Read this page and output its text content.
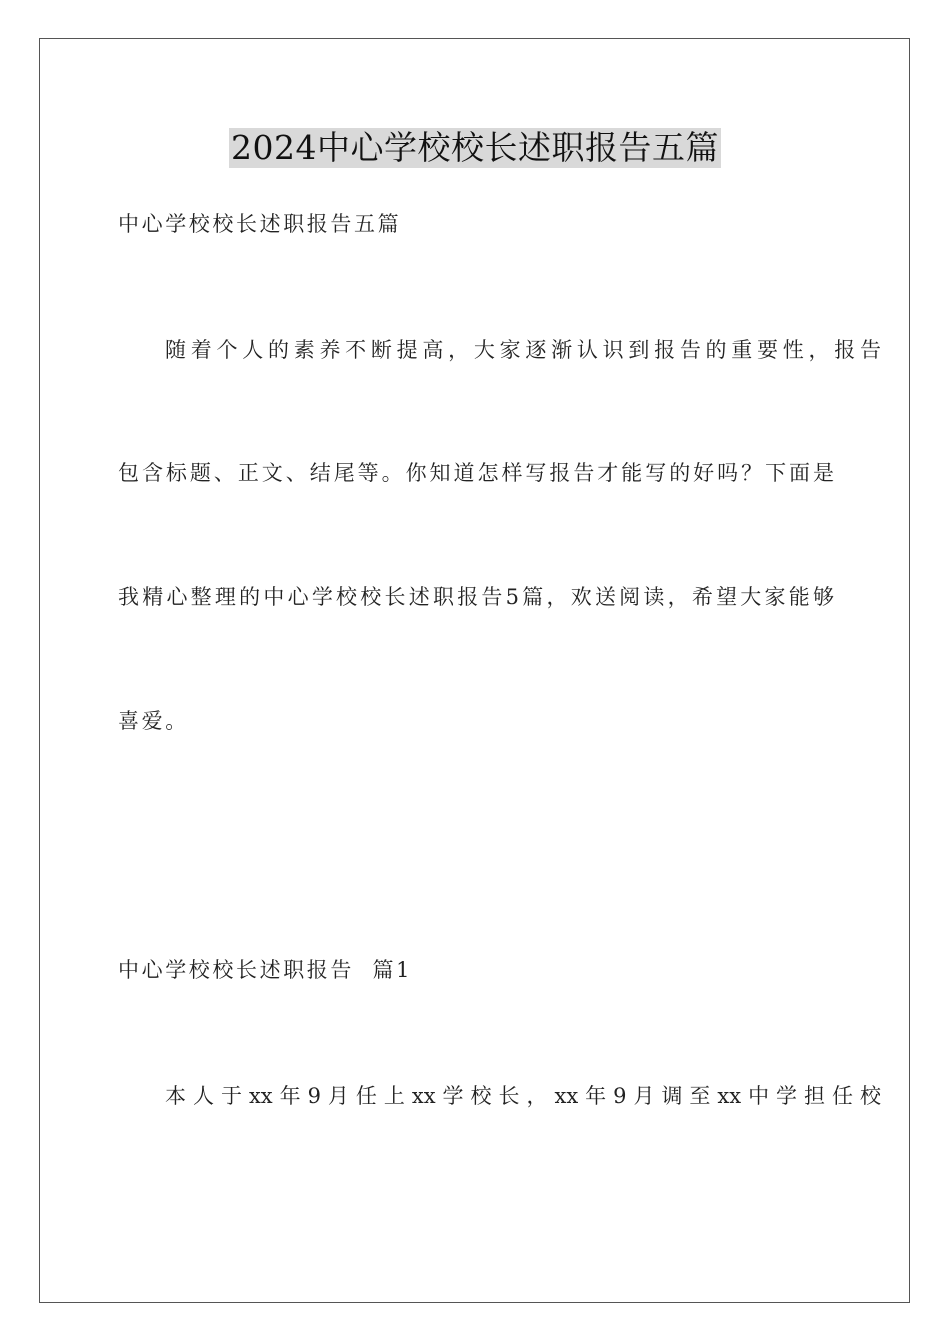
2024中心学校校长述职报告五篇
中心学校校长述职报告五篇
随着个人的素养不断提高，大家逐渐认识到报告的重要性，报告
包含标题、正文、结尾等。你知道怎样写报告才能写的好吗？下面是
我精心整理的中心学校校长述职报告5篇，欢送阅读，希望大家能够
喜爱。
中心学校校长述职报告  篇1
本人于xx年9月任上xx学校长，xx年9月调至xx中学担任校
